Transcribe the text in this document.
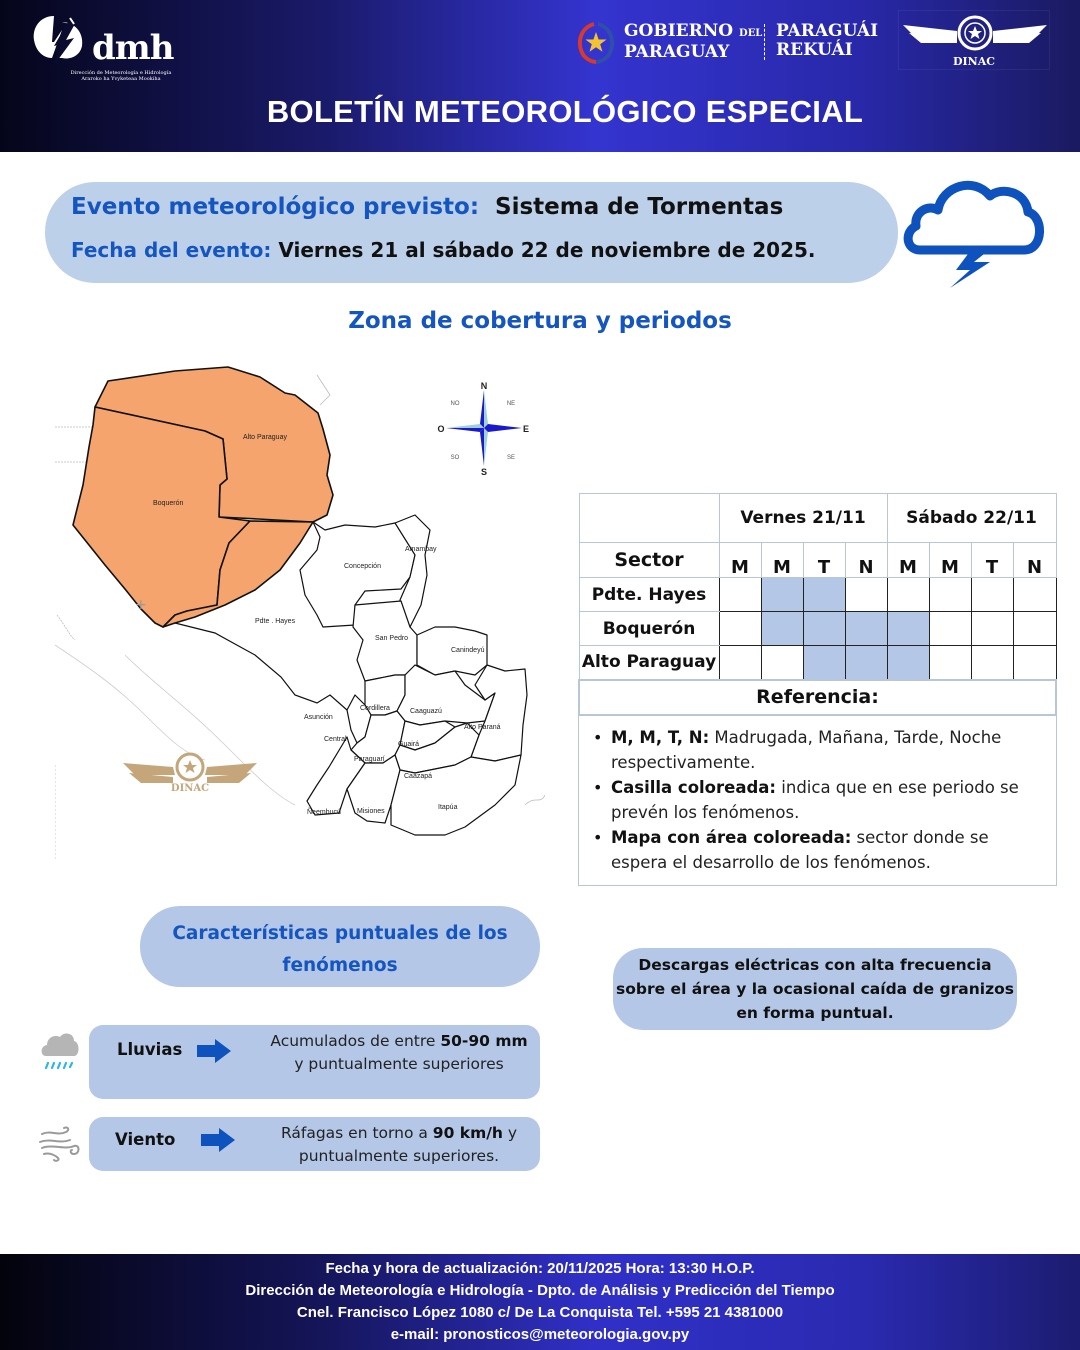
dmh
Dirección de Meteorología e Hidrología
Araroko ha Yvyketeaa Mookiha
GOBIERNO DEL
PARAGUAY
PARAGUÁI
REKUÁI
DINAC
BOLETÍN METEOROLÓGICO ESPECIAL
Evento meteorológico previsto: Sistema de Tormentas
Fecha del evento: Viernes 21 al sábado 22 de noviembre de 2025.
Zona de cobertura y periodos
+
Alto Paraguay
Boquerón
Pdte . Hayes
Concepción
Amambay
San Pedro
Canindeyú
Asunción
Cordillera	Caaguazú
Alto Paraná
Central
Guairá
Paraguarí
Caazapá
Ñeembucú Misiones
Itapúa
DINAC
N
S
E
O
NE
NO
SE
SO
	Vernes 21/11				Sábado 22/11			
Sector	M	M	T	N	M	M	T	N
Pdte. Hayes								
Boquerón								
Alto Paraguay								
Referencia:								
• M, M, T, N: Madrugada, Mañana, Tarde, Noche respectivamente.
• Casilla coloreada: indica que en ese periodo se prevén los fenómenos.
• Mapa con área coloreada: sector donde se espera el desarrollo de los fenómenos.
Características puntuales de los fenómenos
Lluvias	Acumulados de entre 50-90 mm y puntualmente superiores
Viento	Ráfagas en torno a 90 km/h y puntualmente superiores.
Descargas eléctricas con alta frecuencia sobre el área y la ocasional caída de granizos en forma puntual.
Fecha y hora de actualización: 20/11/2025 Hora: 13:30 H.O.P.
Dirección de Meteorología e Hidrología - Dpto. de Análisis y Predicción del Tiempo
Cnel. Francisco López 1080 c/ De La Conquista Tel. +595 21 4381000
e-mail: pronosticos@meteorologia.gov.py
